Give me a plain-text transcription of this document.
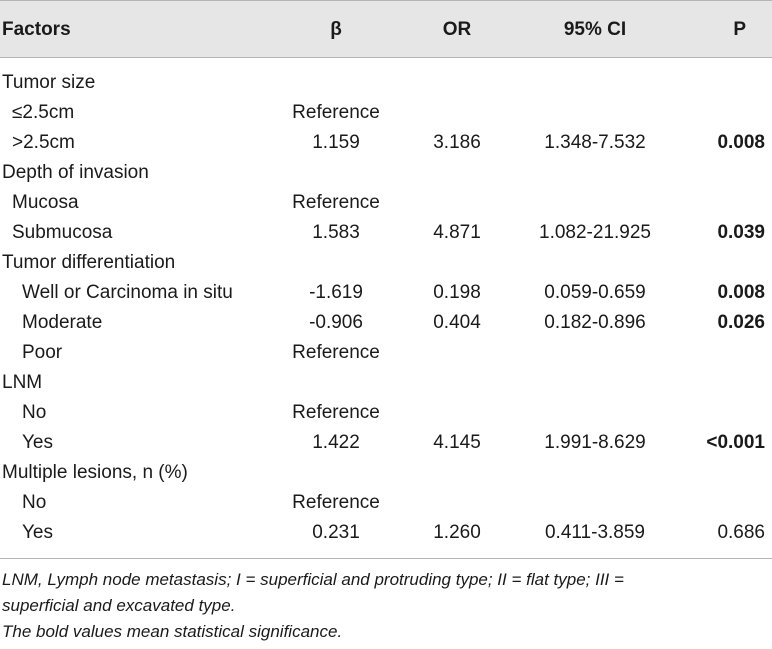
Factors	β	OR	95% CI	P
Tumor size
≤2.5cm	Reference
>2.5cm	1.159	3.186	1.348-7.532	0.008
Depth of invasion
Mucosa	Reference
Submucosa	1.583	4.871	1.082-21.925	0.039
Tumor differentiation
Well or Carcinoma in situ	-1.619	0.198	0.059-0.659	0.008
Moderate	-0.906	0.404	0.182-0.896	0.026
Poor	Reference
LNM
No	Reference
Yes	1.422	4.145	1.991-8.629	<0.001
Multiple lesions, n (%)
No	Reference
Yes	0.231	1.260	0.411-3.859	0.686
LNM, Lymph node metastasis; I = superficial and protruding type; II = flat type; III =
superficial and excavated type.
The bold values mean statistical significance.
